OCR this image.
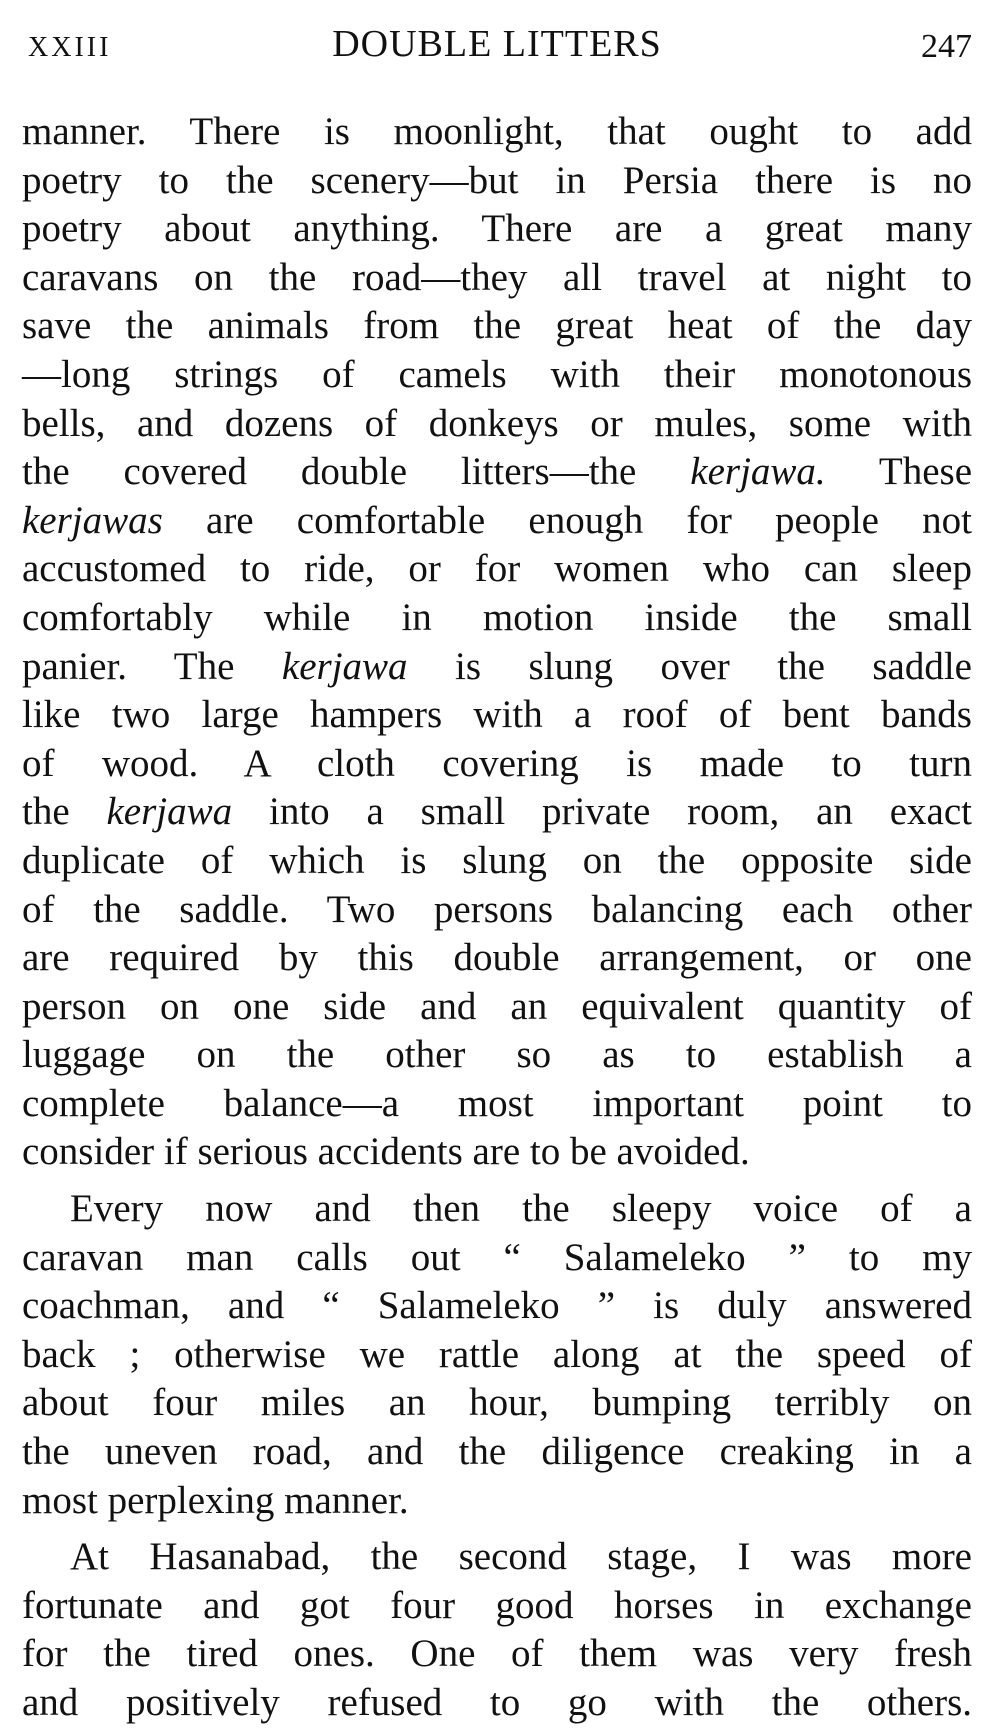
XXIII	DOUBLE LITTERS	247
manner. There is moonlight, that ought to add
poetry to the scenery—but in Persia there is no
poetry about anything. There are a great many
caravans on the road—they all travel at night to
save the animals from the great heat of the day
—long strings of camels with their monotonous
bells, and dozens of donkeys or mules, some with
the covered double litters—the kerjawa. These
kerjawas are comfortable enough for people not
accustomed to ride, or for women who can sleep
comfortably while in motion inside the small
panier. The kerjawa is slung over the saddle
like two large hampers with a roof of bent bands
of wood. A cloth covering is made to turn
the kerjawa into a small private room, an exact
duplicate of which is slung on the opposite side
of the saddle. Two persons balancing each other
are required by this double arrangement, or one
person on one side and an equivalent quantity of
luggage on the other so as to establish a
complete balance—a most important point to
consider if serious accidents are to be avoided.
Every now and then the sleepy voice of a
caravan man calls out “ Salameleko ” to my
coachman, and “ Salameleko ” is duly answered
back ; otherwise we rattle along at the speed of
about four miles an hour, bumping terribly on
the uneven road, and the diligence creaking in a
most perplexing manner.
At Hasanabad, the second stage, I was more
fortunate and got four good horses in exchange
for the tired ones. One of them was very fresh
and positively refused to go with the others.
